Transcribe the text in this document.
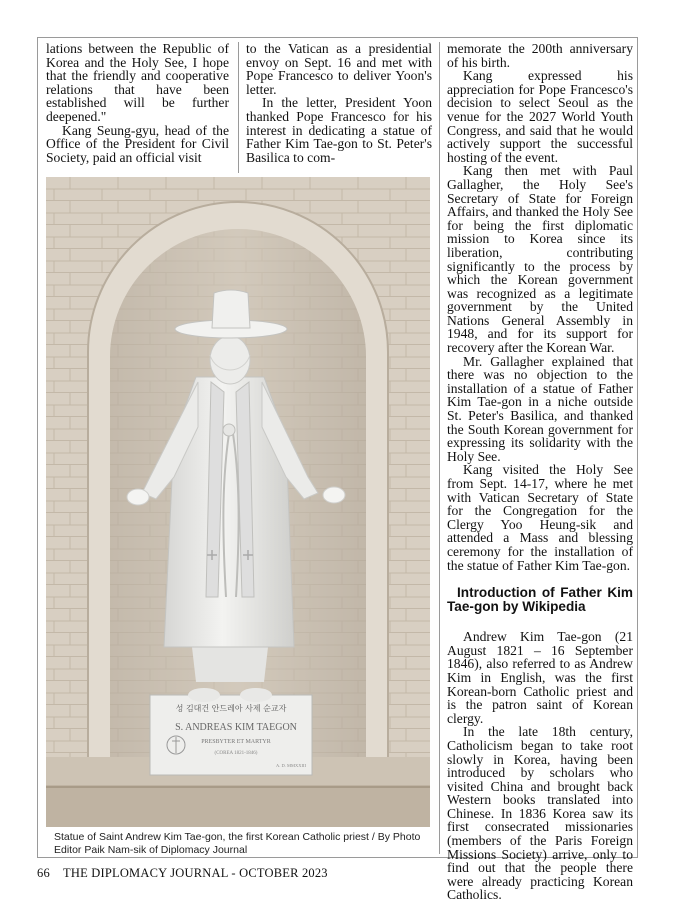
lations between the Republic of Korea and the Holy See, I hope that the friendly and cooperative relations that have been established will be further deepened."

Kang Seung-gyu, head of the Office of the President for Civil Society, paid an official visit

to the Vatican as a presidential envoy on Sept. 16 and met with Pope Francesco to deliver Yoon's letter.

In the letter, President Yoon thanked Pope Francesco for his interest in dedicating a statue of Father Kim Tae-gon to St. Peter's Basilica to com-

memorate the 200th anniversary of his birth.

Kang expressed his appreciation for Pope Francesco's decision to select Seoul as the venue for the 2027 World Youth Congress, and said that he would actively support the successful hosting of the event.

Kang then met with Paul Gallagher, the Holy See's Secretary of State for Foreign Affairs, and thanked the Holy See for being the first diplomatic mission to Korea since its liberation, contributing significantly to the process by which the Korean government was recognized as a legitimate government by the United Nations General Assembly in 1948, and for its support for recovery after the Korean War.

Mr. Gallagher explained that there was no objection to the installation of a statue of Father Kim Tae-gon in a niche outside St. Peter's Basilica, and thanked the South Korean government for expressing its solidarity with the Holy See.

Kang visited the Holy See from Sept. 14-17, where he met with Vatican Secretary of State for the Congregation for the Clergy Yoo Heung-sik and attended a Mass and blessing ceremony for the installation of the statue of Father Kim Tae-gon.

Introduction of Father Kim Tae-gon by Wikipedia

Andrew Kim Tae-gon (21 August 1821 – 16 September 1846), also referred to as Andrew Kim in English, was the first Korean-born Catholic priest and is the patron saint of Korean clergy.

In the late 18th century, Catholicism began to take root slowly in Korea, having been introduced by scholars who visited China and brought back Western books translated into Chinese. In 1836 Korea saw its first consecrated missionaries (members of the Paris Foreign Missions Society) arrive, only to find out that the people there were already practicing Korean Catholics.

성 김대건 안드레아 사제 순교자
S. ANDREAS KIM TAEGON
PRESBYTER ET MARTYR
(COREA 1821-1846)
A. D. MMXXIII
Statue of Saint Andrew Kim Tae-gon, the first Korean Catholic priest / By Photo Editor Paik Nam-sik of Diplomacy Journal
66 THE DIPLOMACY JOURNAL - OCTOBER 2023
